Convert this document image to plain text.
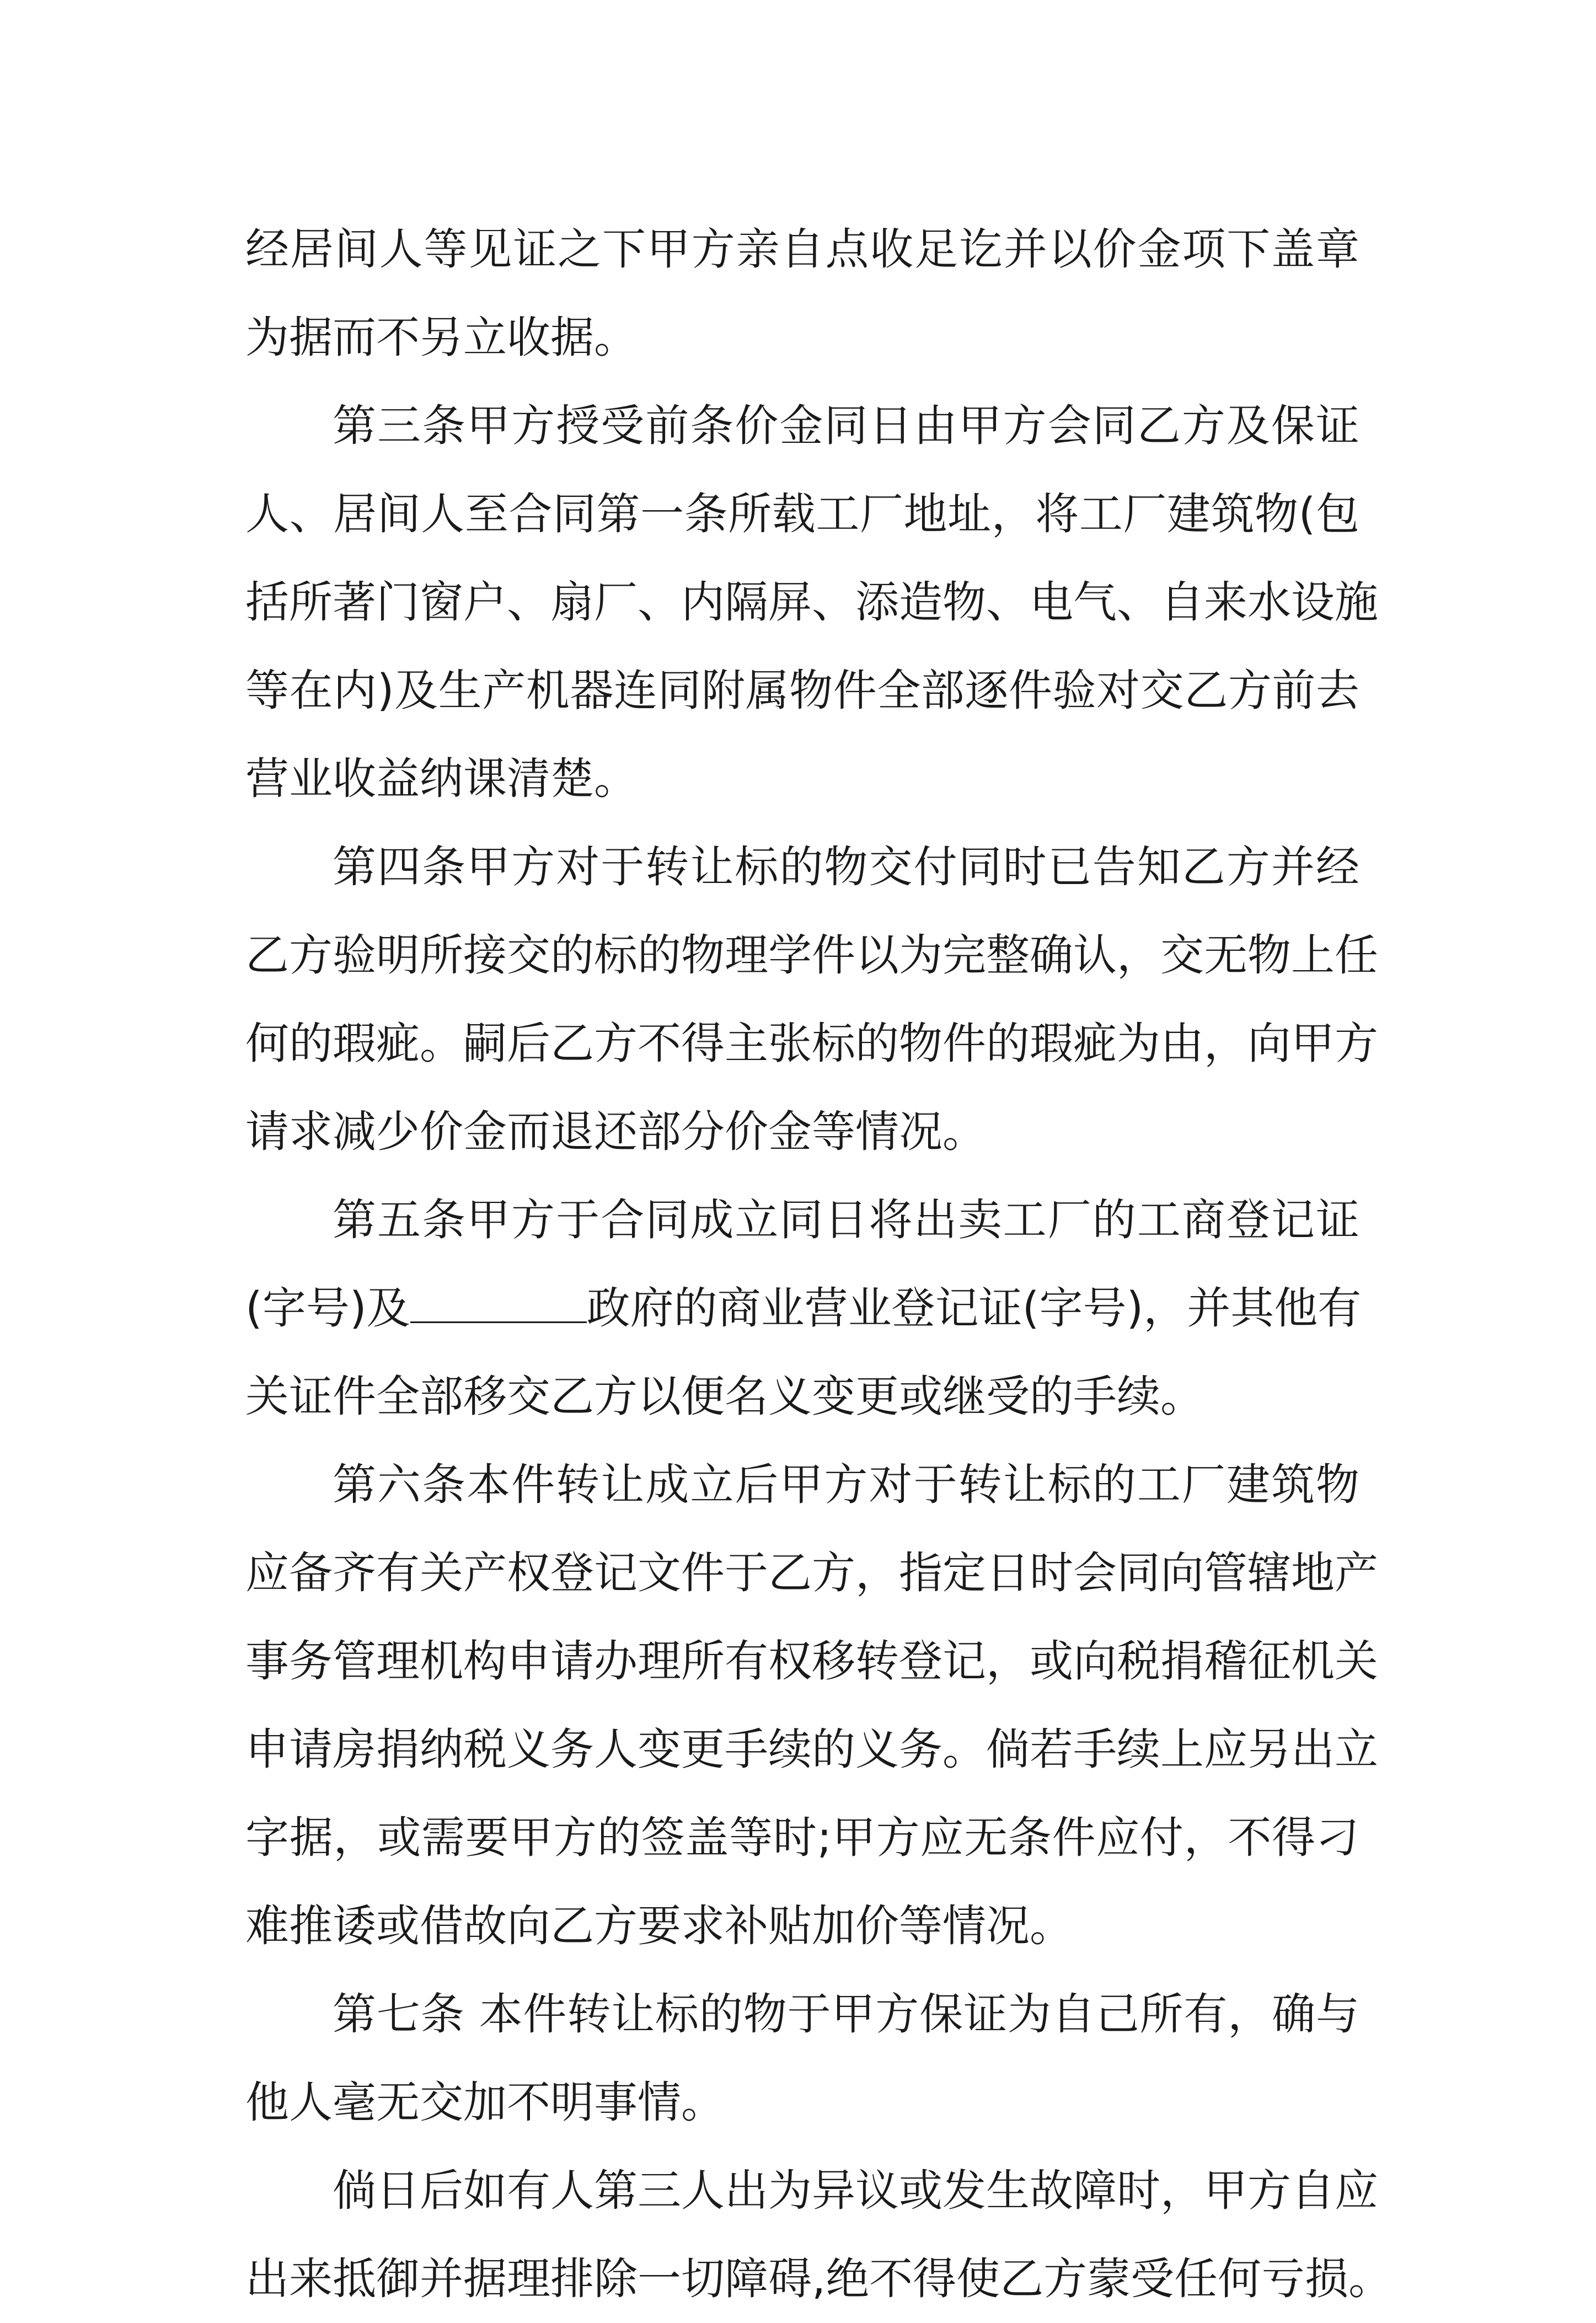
经居间人等见证之下甲方亲自点收足讫并以价金项下盖章
为据而不另立收据。
第三条甲方授受前条价金同日由甲方会同乙方及保证
人、居间人至合同第一条所载工厂地址，将工厂建筑物(包
括所著门窗户、扇厂、内隔屏、添造物、电气、自来水设施
等在内)及生产机器连同附属物件全部逐件验对交乙方前去
营业收益纳课清楚。
第四条甲方对于转让标的物交付同时已告知乙方并经
乙方验明所接交的标的物理学件以为完整确认，交无物上任
何的瑕疵。嗣后乙方不得主张标的物件的瑕疵为由，向甲方
请求减少价金而退还部分价金等情况。
第五条甲方于合同成立同日将出卖工厂的工商登记证
(字号)及	政府的商业营业登记证(字号)，并其他有
关证件全部移交乙方以便名义变更或继受的手续。
第六条本件转让成立后甲方对于转让标的工厂建筑物
应备齐有关产权登记文件于乙方，指定日时会同向管辖地产
事务管理机构申请办理所有权移转登记，或向税捐稽征机关
申请房捐纳税义务人变更手续的义务。倘若手续上应另出立
字据，或需要甲方的签盖等时;甲方应无条件应付，不得刁
难推诿或借故向乙方要求补贴加价等情况。
第七条 本件转让标的物于甲方保证为自己所有，确与
他人毫无交加不明事情。
倘日后如有人第三人出为异议或发生故障时，甲方自应
出来抵御并据理排除一切障碍,绝不得使乙方蒙受任何亏损。
